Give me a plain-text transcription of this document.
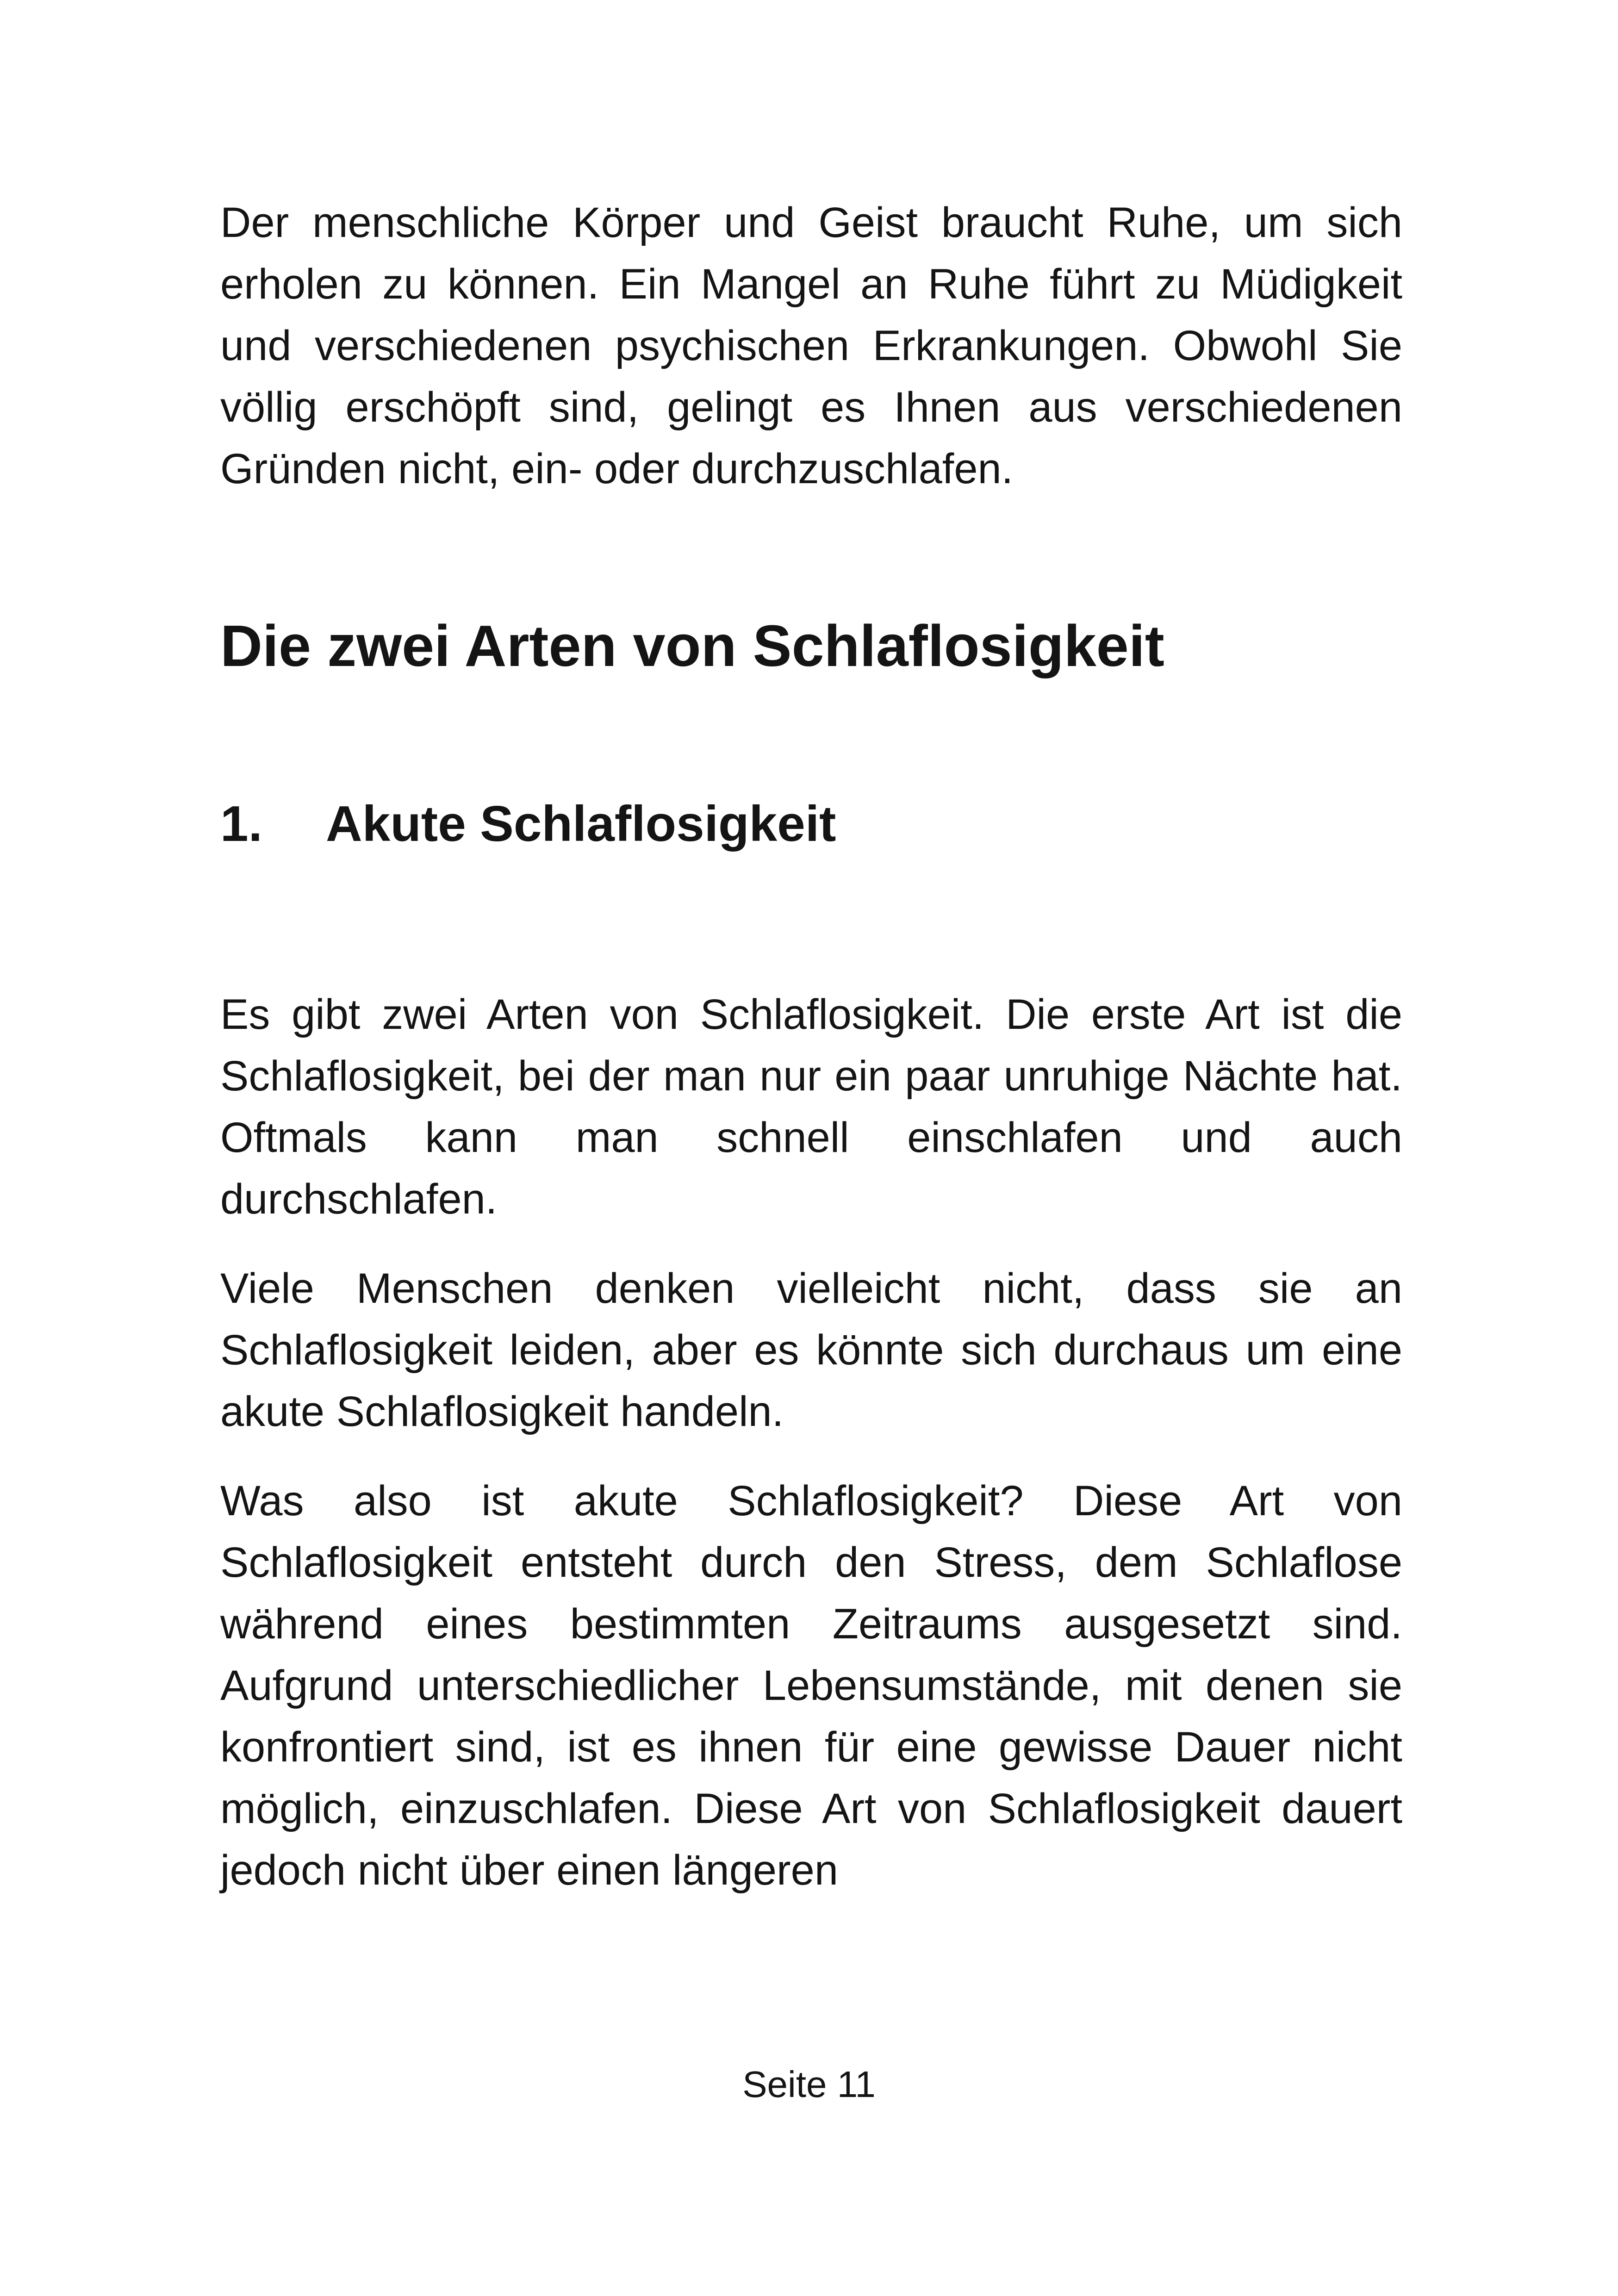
Der menschliche Körper und Geist braucht Ruhe, um sich erholen zu können. Ein Mangel an Ruhe führt zu Müdigkeit und verschiedenen psychischen Erkrankungen. Obwohl Sie völlig erschöpft sind, gelingt es Ihnen aus verschiedenen Gründen nicht, ein- oder durchzuschlafen.

Die zwei Arten von Schlaflosigkeit
1.	Akute Schlaflosigkeit

Es gibt zwei Arten von Schlaflosigkeit. Die erste Art ist die Schlaflosigkeit, bei der man nur ein paar unruhige Nächte hat. Oftmals kann man schnell einschlafen und auch durchschlafen.

Viele Menschen denken vielleicht nicht, dass sie an Schlaflosigkeit leiden, aber es könnte sich durchaus um eine akute Schlaflosigkeit handeln.

Was also ist akute Schlaflosigkeit? Diese Art von Schlaflosigkeit entsteht durch den Stress, dem Schlaflose während eines bestimmten Zeitraums ausgesetzt sind. Aufgrund unterschiedlicher Lebensumstände, mit denen sie konfrontiert sind, ist es ihnen für eine gewisse Dauer nicht möglich, einzuschlafen. Diese Art von Schlaflosigkeit dauert jedoch nicht über einen längeren

Seite 11
